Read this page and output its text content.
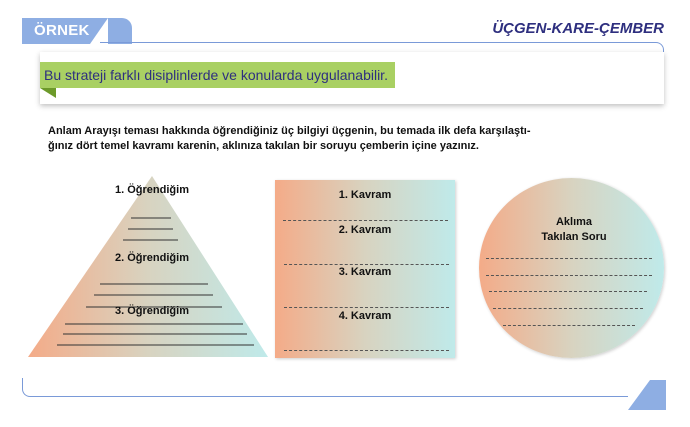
ÖRNEK	ÜÇGEN-KARE-ÇEMBER
Bu strateji farklı disiplinlerde ve konularda uygulanabilir.
Anlam Arayışı teması hakkında öğrendiğiniz üç bilgiyi üçgenin, bu temada ilk defa karşılaştı-
ğınız dört temel kavramı karenin, aklınıza takılan bir soruyu çemberin içine yazınız.
1. Öğrendiğim
2. Öğrendiğim
3. Öğrendiğim
1. Kavram
2. Kavram
3. Kavram
4. Kavram
Aklıma
Takılan Soru
